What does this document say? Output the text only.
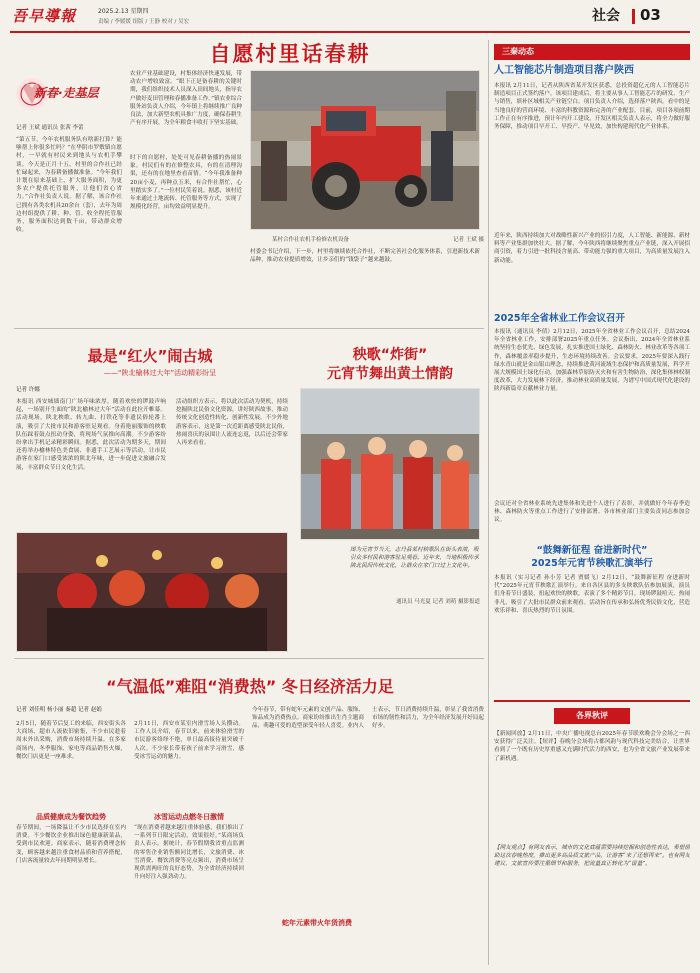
吾早導報	2025.2.13 星期四
责编 / 李媛媛 组版 / 王静 校对 / 吴宏	社会 03
自愿村里话春耕
新春·走基层
记者 王斌 通讯员 张茜 李蕾
“第五节，今年农机服务队有啥新打算？能够帮上你很多忙吗？”在华阴市罗敷镇自愿村，一早就有村民来到地头与农机手攀谈。今天是正月十五，村里的合作社已经忙碌起来，为春耕备播做准备。“今年我们计划在原来基础上，扩大服务面积，为更多农户提供托管服务，让他们省心省力。”合作社负责人说。据了解，该合作社已拥有各类农机具20余台（套），去年为周边村组提供了耕、种、管、收全程托管服务，服务面积达到数千亩，带动群众增收。
农业产业基础建设，村集体经济快速发展，带动农户增收致富。“眼下正是备春耕的关键时期，我们组织技术人员深入田间地头，指导农户做好麦田管理和春播准备工作。”镇农业综合服务站负责人介绍，今年镇上将继续推广良种良法，加大新型农机具推广力度，确保春耕生产有序开展，为全年粮食丰收打下坚实基础。
时下的自愿村，处处可见春耕备播的热闹景象。村民们有的在修整农具，有的在清理沟渠，还有的在地里查看苗情。“今年我准备种20亩小麦，再种点玉米，有合作社帮忙，心里踏实多了。”一位村民笑着说。据悉，该村近年来通过土地流转、托管服务等方式，实现了规模化经营，亩均效益明显提升。
某村合作社农机手检修农机设备	记者 王斌 摄
村委会书记介绍，下一步，村里将继续依托合作社，不断完善社会化服务体系，引进新技术新品种，推动农业提质增效，让乡亲们的“钱袋子”越来越鼓。
最是“红火”闹古城
——“陕北榆林过大年”活动精彩纷呈
记者 许娜
本报讯 西安城墙南门广场年味浓厚。随着欢快的锣鼓声响起，一场别开生面的“陕北榆林过大年”活动在此拉开帷幕。活动现场，陕北秧歌、转九曲、打铁花等非遗民俗轮番上演，吸引了大批市民和游客驻足观看。身着艳丽服饰的秧歌队伍踩着鼓点扭动身姿，将现场气氛推向高潮。不少游客纷纷拿出手机记录精彩瞬间。据悉，此次活动为期多天，期间还将举办榆林特色美食展、非遗手工艺展示等活动，让市民游客在家门口感受浓浓的陕北年味，进一步促进文旅融合发展，丰富群众节日文化生活。
活动组织方表示，将以此次活动为契机，持续挖掘陕北民俗文化资源，讲好陕西故事，推动传统文化创造性转化、创新性发展。不少外地游客表示，这是第一次近距离感受陕北民俗，热闹喜庆的氛围让人流连忘返，以后还会带家人再来看看。
秧歌“炸街”
元宵节舞出黄土情韵
图为元宵节当天，志丹县某村秧歌队在街头表演，吸引众多村民和游客驻足观看。近年来，当地积极传承陕北民间传统文化，让群众在家门口过上文化年。
通讯员 马光夏 记者 刘萌 摄影报道
“气温低”难阻“消费热” 冬日经济活力足
记者 刘佳明 杨小丽 秦超 记者 赵娟
2月5日，随着节后复工的来临，西安街头各大商场、超市人流依旧密集，不少市民趁着周末外出采购，消费市场持续升温。在多家商场内，冬季服饰、家电等商品销售火爆，餐饮门店更是一座难求。
品质健康成为餐饮趋势
春节期间，一场降温让不少市民选择在室内消费。不少餐饮企业推出绿色健康新菜品，受到市民欢迎。商家表示，随着消费理念转变，顾客越来越注重食材品质和营养搭配，门店客流量较去年同期明显增长。
冰雪运动点燃冬日激情
2月11日，西安市某室内滑雪场人头攒动。工作人员介绍，春节以来，前来体验滑雪的市民游客络绎不绝，单日最高接待量突破千人次。不少家长带着孩子前来学习滑雪，感受冰雪运动的魅力。
“现在消费者越来越注重体验感，我们推出了一系列节日限定活动，效果很好。”某商场负责人表示。据统计，春节假期我省重点监测的零售企业销售额同比增长，文旅消费、冰雪消费、餐饮消费等亮点频出，消费市场呈现供需两旺的良好态势，为全省经济持续回升向好注入强劲动力。
蛇年元素带火年货消费
今年春节，带有蛇年元素的文创产品、服饰、饰品成为消费热点。商家纷纷推出生肖主题商品，萌趣可爱的造型深受年轻人喜爱。业内人士表示，节日消费持续升温，彰显了我省消费市场的韧性和活力，为全年经济发展开好局起好步。
三秦动态
人工智能芯片制造项目落户陕西
本报讯 2月11日，记者从陕西省某开发区获悉，总投资超亿元的人工智能芯片制造项目正式签约落户。该项目建成后，将主要从事人工智能芯片的研发、生产与销售，填补区域相关产业链空白。项目负责人介绍，选择落户陕西，看中的是当地良好的营商环境、丰富的科教资源和完善的产业配套。目前，项目各项前期工作正在有序推进，预计年内开工建设。开发区相关负责人表示，将全力做好服务保障，推动项目早开工、早投产、早见效，加快构建现代化产业体系。
近年来，陕西持续加大对战略性新兴产业的招引力度，人工智能、新能源、新材料等产业集群加快壮大。据了解，今年陕西将继续聚焦重点产业链，深入开展招商引资，着力引进一批科技含量高、带动能力强的重大项目，为高质量发展注入新动能。
2025年全省林业工作会议召开
本报讯（通讯员 李倩）2月12日，2025年全省林业工作会议召开，总结2024年全省林业工作，安排部署2025年重点任务。会议指出，2024年全省林业系统坚持生态优先、绿色发展，扎实推进国土绿化、森林防火、林业改革等各项工作，森林覆盖率稳步提升，生态环境持续改善。会议要求，2025年要深入践行绿水青山就是金山银山理念，持续推进黄河流域生态保护和高质量发展，科学开展大规模国土绿化行动，加强森林草原防灭火和有害生物防治，深化集体林权制度改革，大力发展林下经济，推动林业高质量发展，为谱写中国式现代化建设的陕西新篇章贡献林业力量。
会议还对全省林业系统先进集体和先进个人进行了表彰，并就做好今年春季造林、森林防火等重点工作进行了安排部署。各市林业部门主要负责同志参加会议。
“鼓舞新征程 奋进新时代”
2025年元宵节秧歌汇演举行
本报讯（实习记者 孙小芳 记者 贾媛飞）2月12日，“鼓舞新征程 奋进新时代”2025年元宵节秧歌汇演举行。来自各区县的多支秧歌队伍参加展演，演员们身着节日盛装，扭起欢快的秧歌，表演了多个精彩节目，现场锣鼓喧天、热闹非凡，吸引了大批市民群众前来观看。活动旨在传承和弘扬优秀民俗文化，营造欢乐祥和、喜庆热烈的节日氛围。
各界秋评
【新闻回放】2月11日，中央广播电视总台2025年春节联欢晚会分会场之一西安获得广泛关注。【短评】春晚分会场将古都风韵与现代科技完美结合，让世界看到了一个既有历史厚重感又充满时代活力的西安，也为全省文旅产业发展带来了新机遇。
【网友观点】有网友表示，城市的文化底蕴需要持续挖掘和创造性表达，希望借助这次春晚热度，推出更多高品质文旅产品，让游客“来了还想再来”。也有网友建议，文旅宣传要注重细节和服务，把流量真正转化为“留量”。
